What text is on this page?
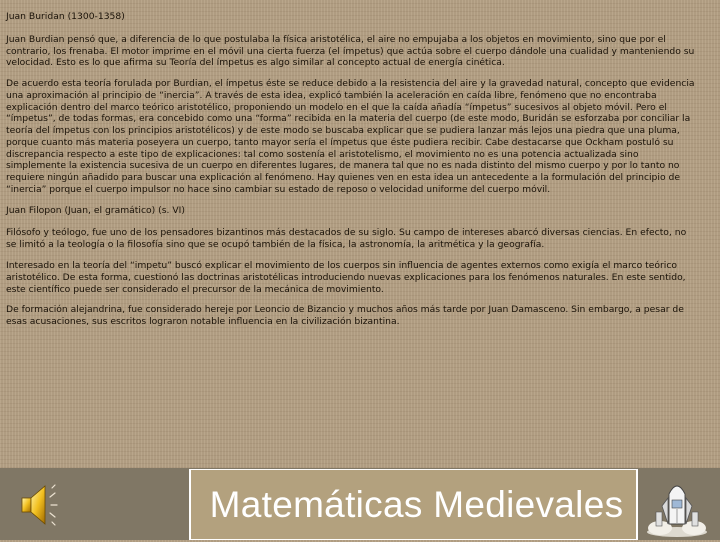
Juan Buridan (1300-1358)

Juan Burdian pensó que, a diferencia de lo que postulaba la física aristotélica, el aire no empujaba a los objetos en movimiento, sino que por el contrario, los frenaba. El motor imprime en el móvil una cierta fuerza (el ímpetus) que actúa sobre el cuerpo dándole una cualidad y manteniendo su velocidad. Esto es lo que afirma su Teoría del ímpetus es algo similar al concepto actual de energía cinética.

De acuerdo esta teoría forulada por Burdian, el ímpetus éste se reduce debido a la resistencia del aire y la gravedad natural, concepto que evidencia una aproximación al principio de “inercia”. A través de esta idea, explicó también la aceleración en caída libre, fenómeno que no encontraba explicación dentro del marco teórico aristotélico, proponiendo un modelo en el que la caída añadía “ímpetus” sucesivos al objeto móvil. Pero el “ímpetus”, de todas formas, era concebido como una “forma” recibida en la materia del cuerpo (de este modo, Buridán se esforzaba por conciliar la teoría del ímpetus con los principios aristotélicos) y de este modo se buscaba explicar que se pudiera lanzar más lejos una piedra que una pluma, porque cuanto más materia poseyera un cuerpo, tanto mayor sería el ímpetus que éste pudiera recibir. Cabe destacarse que Ockham postuló su discrepancia respecto a este tipo de explicaciones: tal como sostenía el aristotelismo, el movimiento no es una potencia actualizada sino simplemente la existencia sucesiva de un cuerpo en diferentes lugares, de manera tal que no es nada distinto del mismo cuerpo y por lo tanto no requiere ningún añadido para buscar una explicación al fenómeno. Hay quienes ven en esta idea un antecedente a la formulación del principio de “inercia” porque el cuerpo impulsor no hace sino cambiar su estado de reposo o velocidad uniforme del cuerpo móvil.

Juan Filopon (Juan, el gramático) (s. VI)

Filósofo y teólogo, fue uno de los pensadores bizantinos más destacados de su siglo. Su campo de intereses abarcó diversas ciencias. En efecto, no se limitó a la teología o la filosofía sino que se ocupó también de la física, la astronomía, la aritmética y la geografía.

Interesado en la teoría del “impetu” buscó explicar el movimiento de los cuerpos sin influencia de agentes externos como exigía el marco teórico aristotélico. De esta forma, cuestionó las doctrinas aristotélicas introduciendo nuevas explicaciones para los fenómenos naturales. En este sentido, este científico puede ser considerado el precursor de la mecánica de movimiento.

De formación alejandrina, fue considerado hereje por Leoncio de Bizancio y muchos años más tarde por Juan Damasceno. Sin embargo, a pesar de esas acusaciones, sus escritos lograron notable influencia en la civilización bizantina.

Matemáticas Medievales
